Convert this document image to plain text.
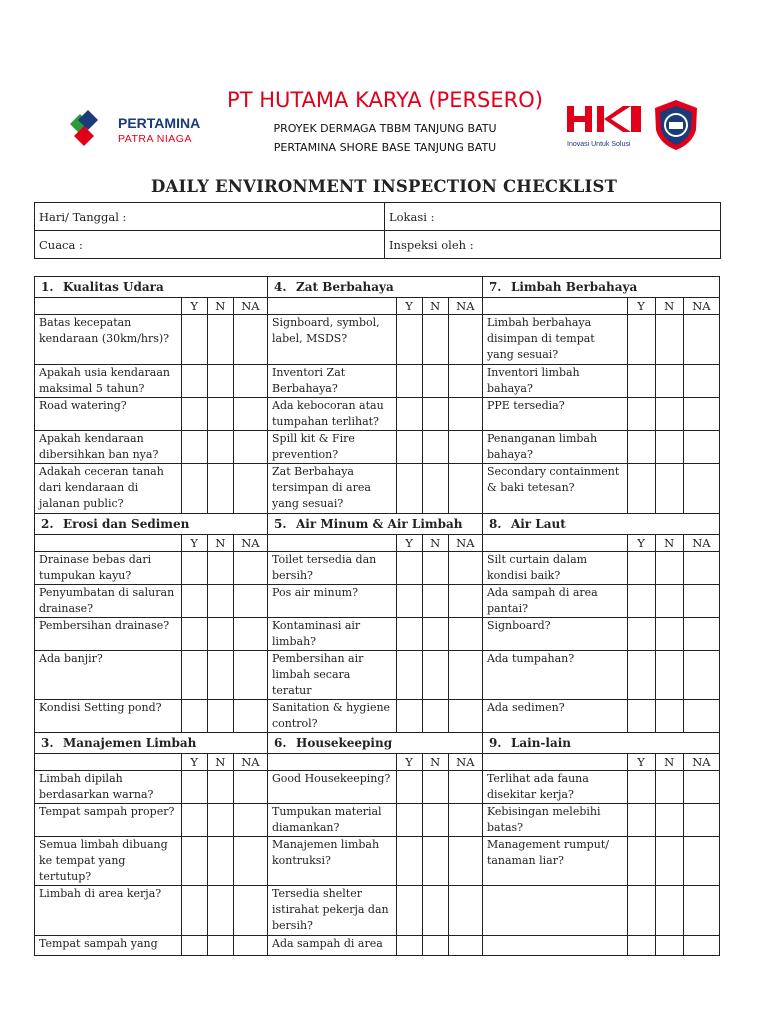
PERTAMINA
PATRA NIAGA
PT HUTAMA KARYA (PERSERO)
PROYEK DERMAGA TBBM TANJUNG BATU
PERTAMINA SHORE BASE TANJUNG BATU	Inovasi Untuk Solusi
DAILY ENVIRONMENT INSPECTION CHECKLIST
Hari/ Tanggal :	Lokasi :
Cuaca :	Inspeksi oleh :
1. Kualitas Udara				4. Zat Berbahaya				7. Limbah Berbahaya			
	Y	N	NA		Y	N	NA		Y	N	NA
Batas kecepatan kendaraan (30km/hrs)?				Signboard, symbol, label, MSDS?				Limbah berbahaya disimpan di tempat yang sesuai?			
Apakah usia kendaraan maksimal 5 tahun?				Inventori Zat Berbahaya?				Inventori limbah bahaya?			
Road watering?				Ada kebocoran atau tumpahan terlihat?				PPE tersedia?			
Apakah kendaraan dibersihkan ban nya?				Spill kit & Fire prevention?				Penanganan limbah bahaya?			
Adakah ceceran tanah dari kendaraan di jalanan public?				Zat Berbahaya tersimpan di area yang sesuai?				Secondary containment & baki tetesan?			
2. Erosi dan Sedimen				5. Air Minum & Air Limbah				8. Air Laut			
	Y	N	NA		Y	N	NA		Y	N	NA
Drainase bebas dari tumpukan kayu?				Toilet tersedia dan bersih?				Silt curtain dalam kondisi baik?			
Penyumbatan di saluran drainase?				Pos air minum?				Ada sampah di area pantai?			
Pembersihan drainase?				Kontaminasi air limbah?				Signboard?			
Ada banjir?				Pembersihan air limbah secara teratur				Ada tumpahan?			
Kondisi Setting pond?				Sanitation & hygiene control?				Ada sedimen?			
3. Manajemen Limbah				6. Housekeeping				9. Lain-lain			
	Y	N	NA		Y	N	NA		Y	N	NA
Limbah dipilah berdasarkan warna?				Good Housekeeping?				Terlihat ada fauna disekitar kerja?			
Tempat sampah proper?				Tumpukan material diamankan?				Kebisingan melebihi batas?			
Semua limbah dibuang ke tempat yang tertutup?				Manajemen limbah kontruksi?				Management rumput/ tanaman liar?			
Limbah di area kerja?				Tersedia shelter istirahat pekerja dan bersih?							
Tempat sampah yang				Ada sampah di area							
